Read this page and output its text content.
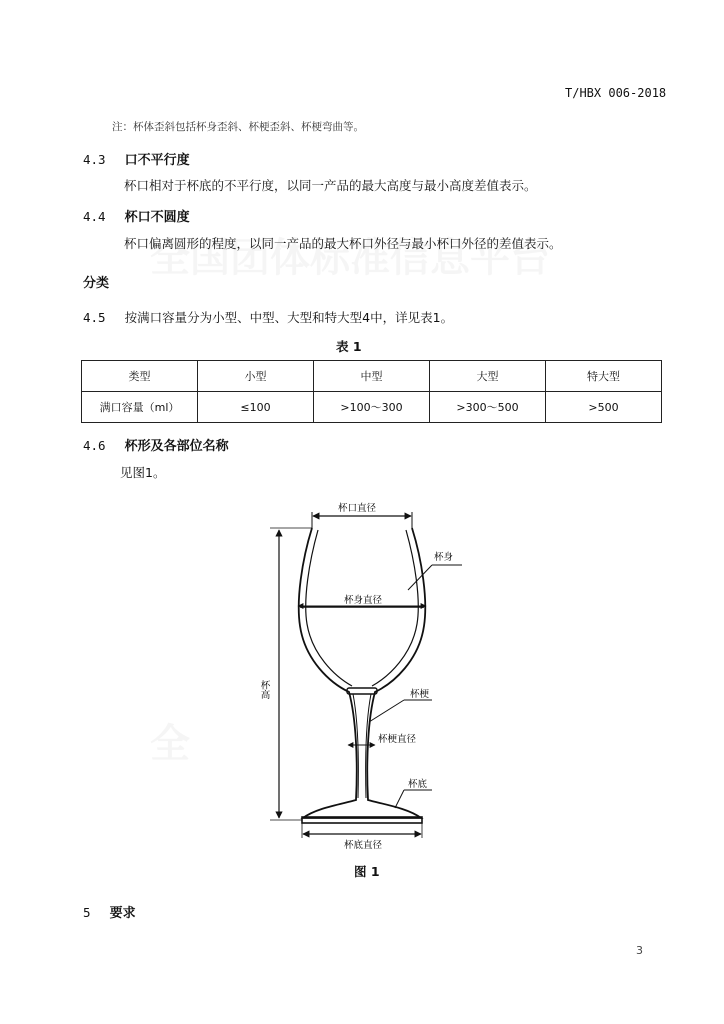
T/HBX 006-2018
注：杯体歪斜包括杯身歪斜、杯梗歪斜、杯梗弯曲等。
4.3 口不平行度
杯口相对于杯底的不平行度，以同一产品的最大高度与最小高度差值表示。
4.4 杯口不圆度
杯口偏离圆形的程度，以同一产品的最大杯口外径与最小杯口外径的差值表示。
分类
4.5 按满口容量分为小型、中型、大型和特大型4中，详见表1。
表 1
类型	小型	中型	大型	特大型
满口容量（ml）	≤100	>100～300	>300～500	>500
4.6 杯形及各部位名称
见图1。
杯口直径
杯身
杯身直径
杯高	杯梗
杯梗直径
杯底
杯底直径
图 1
5 要求
3
